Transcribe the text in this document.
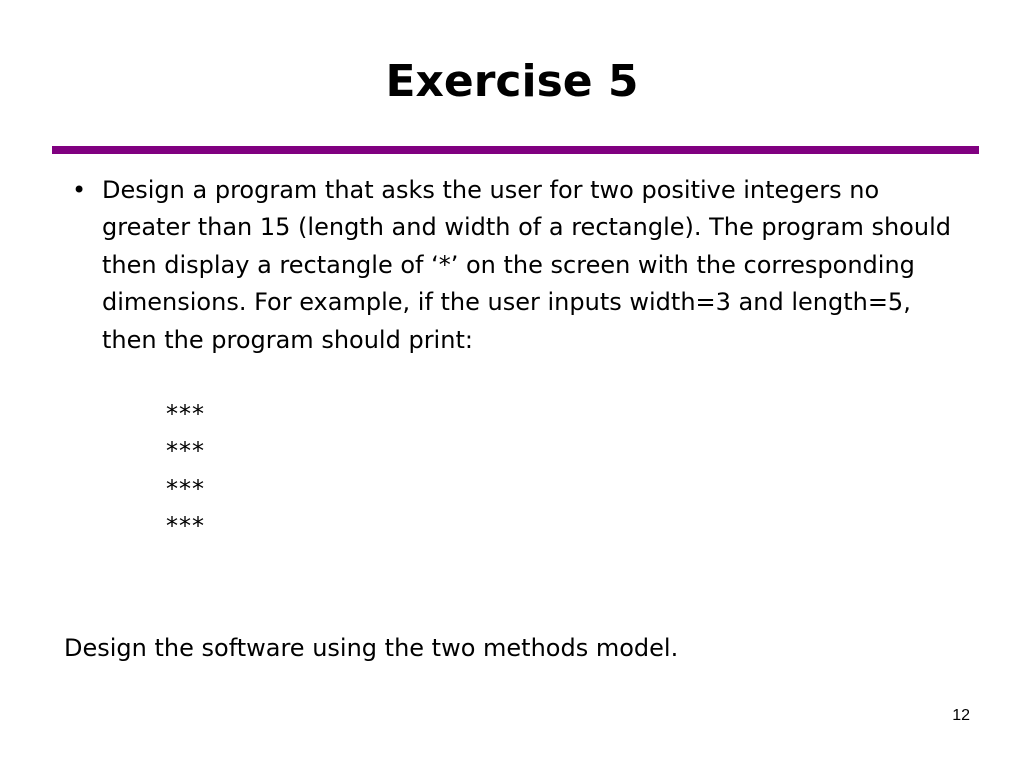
Exercise 5
• Design a program that asks the user for two positive integers no greater than 15 (length and width of a rectangle). The program should then display a rectangle of ‘*’ on the screen with the corresponding dimensions. For example, if the user inputs width=3 and length=5, then the program should print:

***
***
***
***

Design the software using the two methods model.

12
